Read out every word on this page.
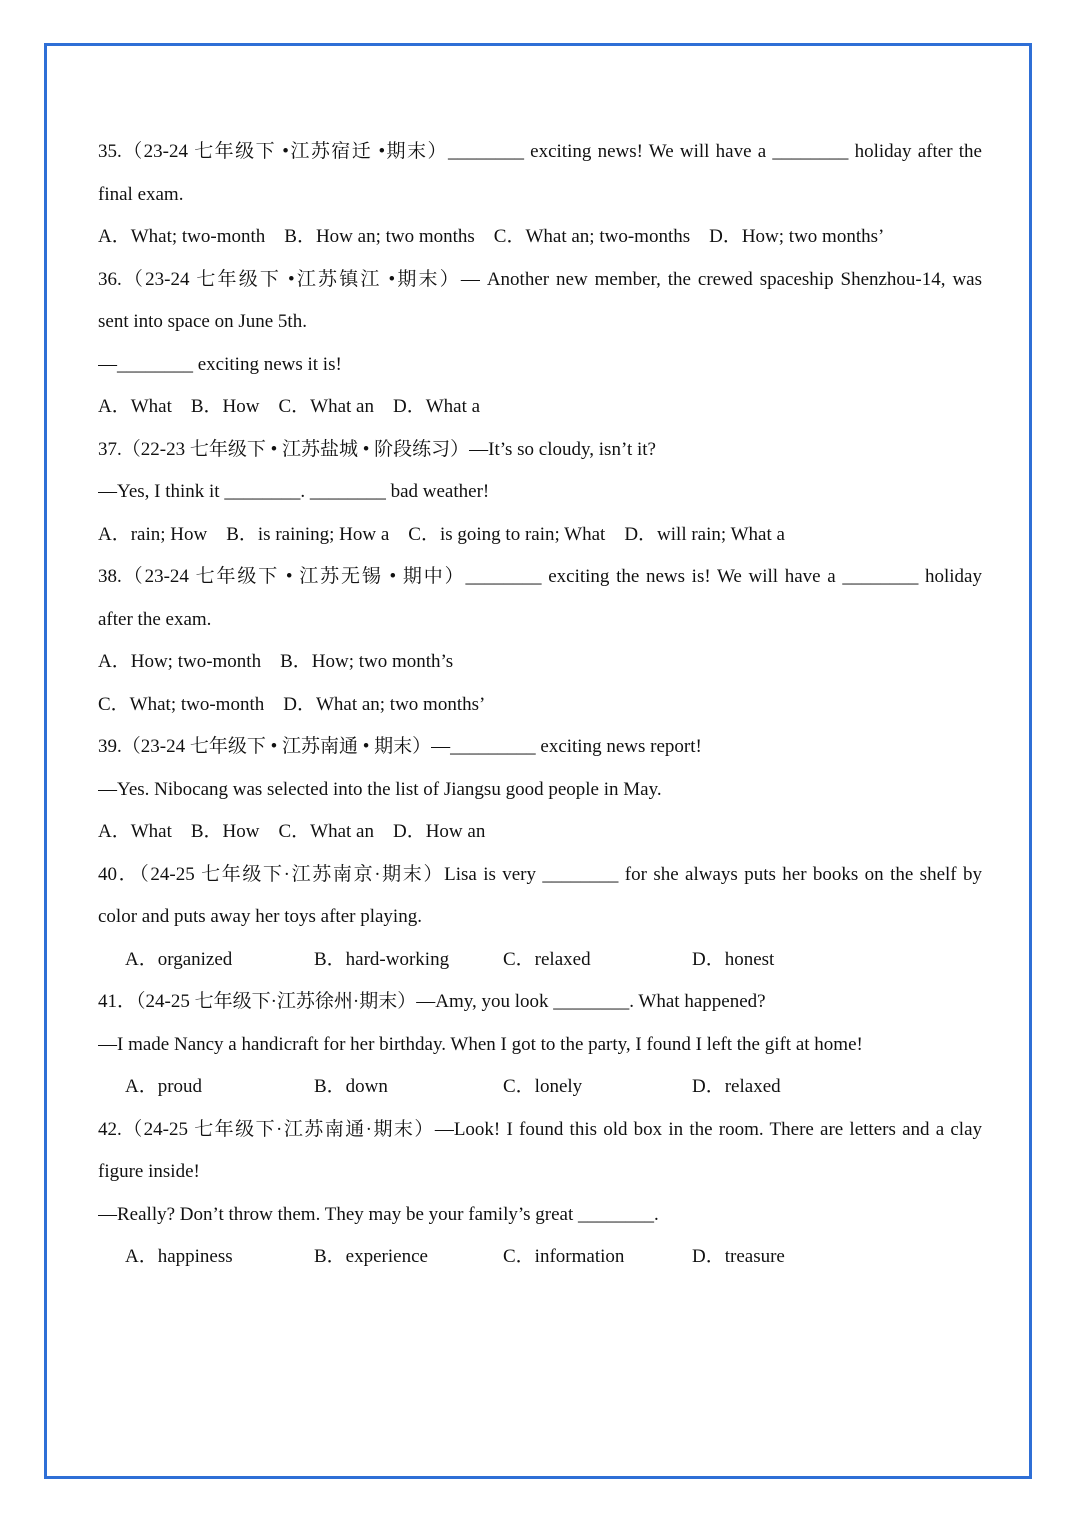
35.（23-24 七年级下 •江苏宿迁 •期末）________ exciting news! We will have a ________ holiday after the
final exam.
A．What; two-month    B．How an; two months    C．What an; two-months    D．How; two months’
36.（23-24 七年级下 •江苏镇江 •期末）— Another new member, the crewed spaceship Shenzhou-14, was
sent into space on June 5th.
—________ exciting news it is!
A．What    B．How    C．What an    D．What a
37.（22-23 七年级下 • 江苏盐城 • 阶段练习）—It’s so cloudy, isn’t it?
—Yes, I think it ________. ________ bad weather!
A．rain; How    B．is raining; How a    C．is going to rain; What    D．will rain; What a
38.（23-24 七年级下 • 江苏无锡 • 期中）________ exciting the news is! We will have a ________ holiday
after the exam.
A．How; two-month    B．How; two month’s
C．What; two-month    D．What an; two months’
39.（23-24 七年级下 • 江苏南通 • 期末）—_________ exciting news report!
—Yes. Nibocang was selected into the list of Jiangsu good people in May.
A．What    B．How    C．What an    D．How an
40．（24-25 七年级下·江苏南京·期末）Lisa is very ________ for she always puts her books on the shelf by
color and puts away her toys after playing.
A．organized	B．hard-working	C．relaxed	D．honest
41．（24-25 七年级下·江苏徐州·期末）—Amy, you look ________. What happened?
—I made Nancy a handicraft for her birthday. When I got to the party, I found I left the gift at home!
A．proud	B．down	C．lonely	D．relaxed
42.（24-25 七年级下·江苏南通·期末）—Look! I found this old box in the room. There are letters and a clay
figure inside!
—Really? Don’t throw them. They may be your family’s great ________.
A．happiness	B．experience	C．information	D．treasure
